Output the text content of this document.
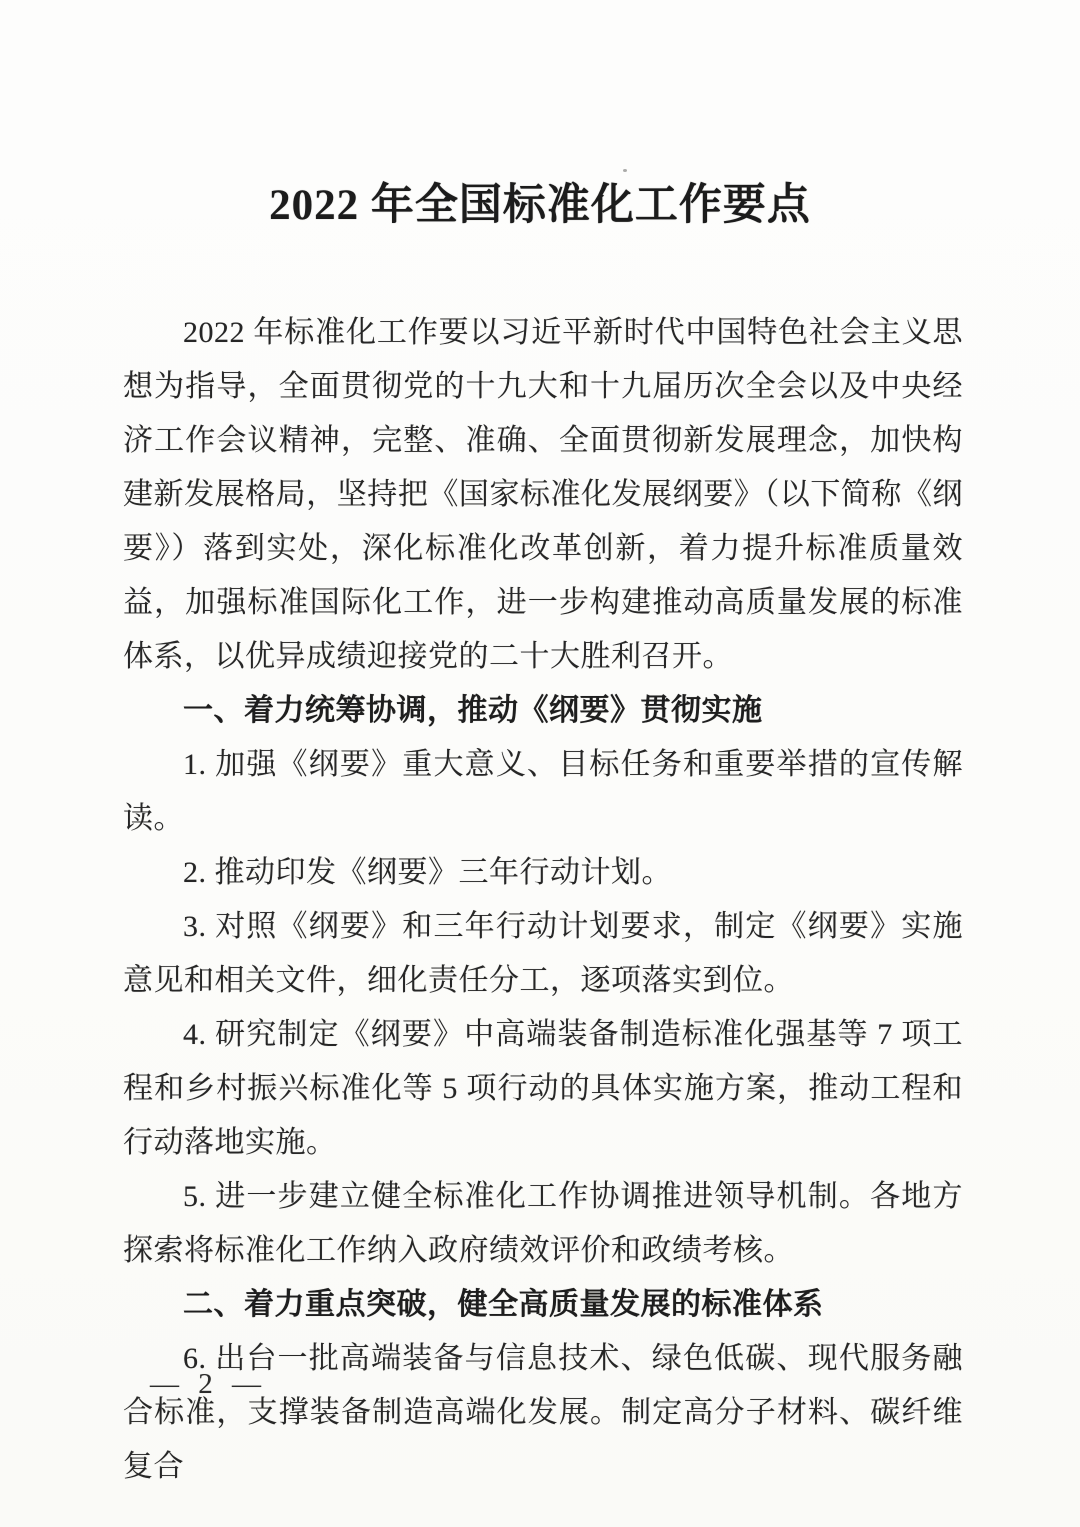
2022 年全国标准化工作要点

2022 年标准化工作要以习近平新时代中国特色社会主义思想为指导，全面贯彻党的十九大和十九届历次全会以及中央经济工作会议精神，完整、准确、全面贯彻新发展理念，加快构建新发展格局，坚持把《国家标准化发展纲要》（以下简称《纲要》）落到实处，深化标准化改革创新，着力提升标准质量效益，加强标准国际化工作，进一步构建推动高质量发展的标准体系，以优异成绩迎接党的二十大胜利召开。

一、着力统筹协调，推动《纲要》贯彻实施

1. 加强《纲要》重大意义、目标任务和重要举措的宣传解读。

2. 推动印发《纲要》三年行动计划。

3. 对照《纲要》和三年行动计划要求，制定《纲要》实施意见和相关文件，细化责任分工，逐项落实到位。

4. 研究制定《纲要》中高端装备制造标准化强基等 7 项工程和乡村振兴标准化等 5 项行动的具体实施方案，推动工程和行动落地实施。

5. 进一步建立健全标准化工作协调推进领导机制。各地方探索将标准化工作纳入政府绩效评价和政绩考核。

二、着力重点突破，健全高质量发展的标准体系

6. 出台一批高端装备与信息技术、绿色低碳、现代服务融合标准，支撑装备制造高端化发展。制定高分子材料、碳纤维复合

— 2 —
